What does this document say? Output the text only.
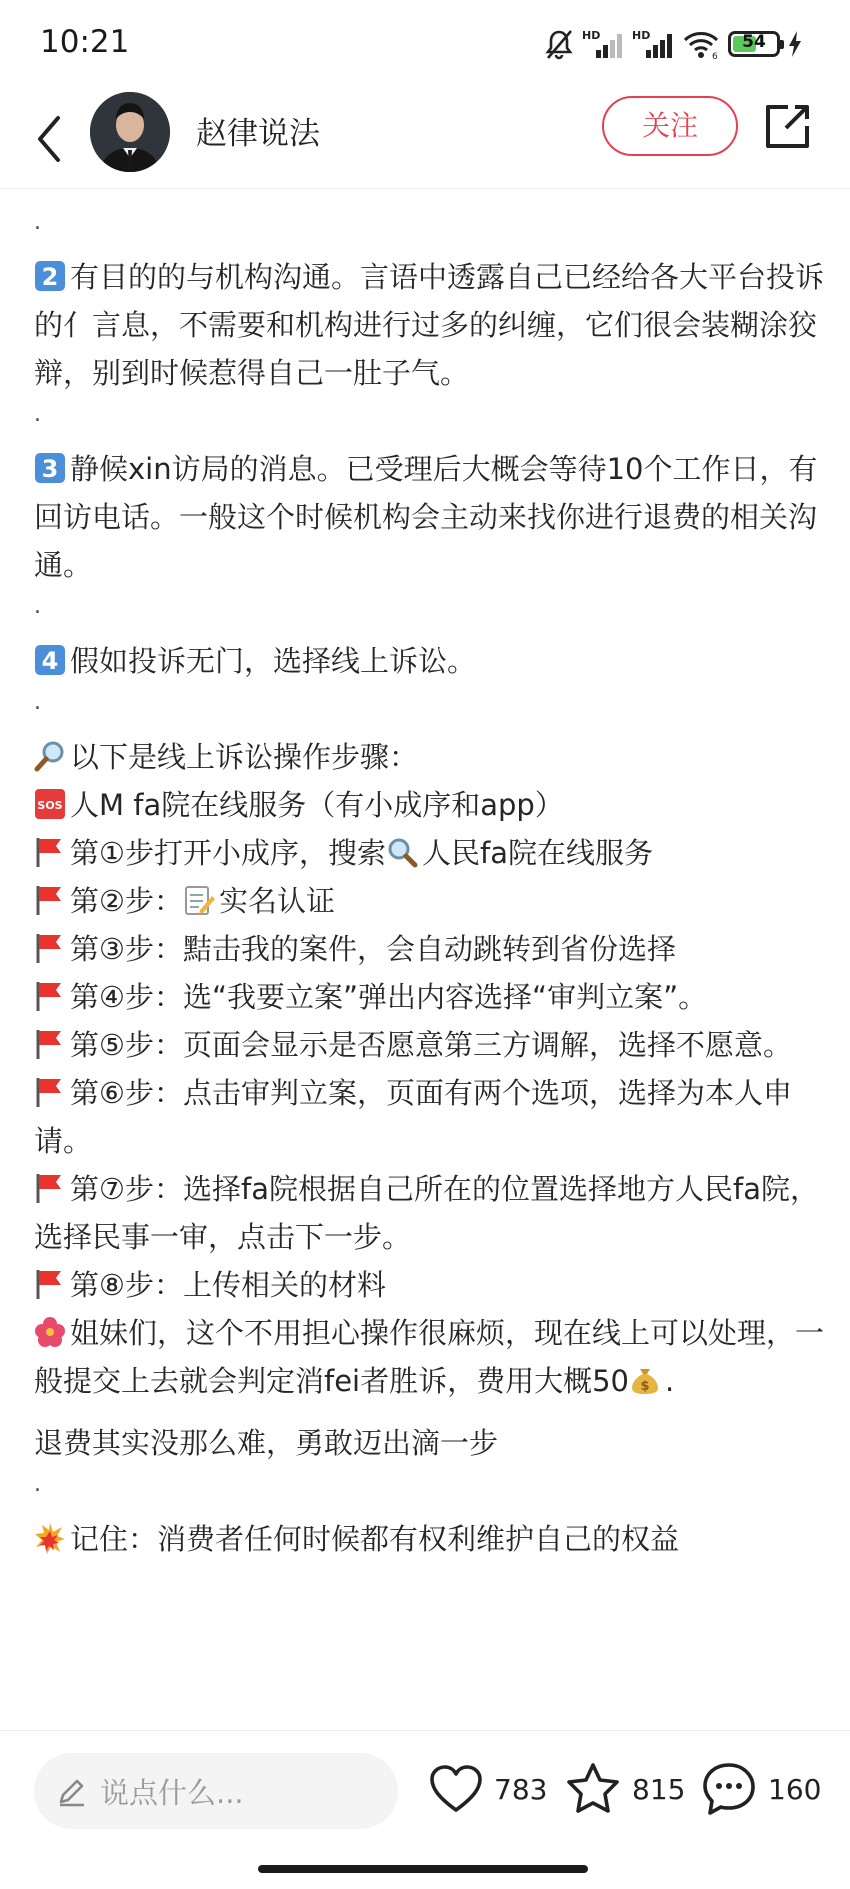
10:21	HD	HD
6
54
赵律说法	关注

.

2 有目的的与机构沟通。言语中透露自己已经给各大平台投诉的亻言息，不需要和机构进行过多的纠缠，它们很会装糊涂狡辩，别到时候惹得自己一肚子气。

.

3 静候xin访局的消息。已受理后大概会等待10个工作日，有回访电话。一般这个时候机构会主动来找你进行退费的相关沟通。

.

4 假如投诉无门，选择线上诉讼。

.

以下是线上诉讼操作步骤：

SOS 人M fa院在线服务（有小成序和app）

第①步打开小成序，搜索 人民fa院在线服务

第②步： 实名认证

第③步：黠击我的案件，会自动跳转到省份选择

第④步：选“我要立案”弹出内容选择“审判立案”。

第⑤步：页面会显示是否愿意第三方调解，选择不愿意。

第⑥步：点击审判立案，页面有两个选项，选择为本人申请。

第⑦步：选择fa院根据自己所在的位置选择地方人民fa院，选择民事一审，点击下一步。

第⑧步：上传相关的材料

姐妹们，这个不用担心操作很麻烦，现在线上可以处理，一般提交上去就会判定消fei者胜诉，费用大概50 $ .

退费其实没那么难，勇敢迈出滴一步

.

记住：消费者任何时候都有权利维护自己的权益

说点什么...	783	815	160
